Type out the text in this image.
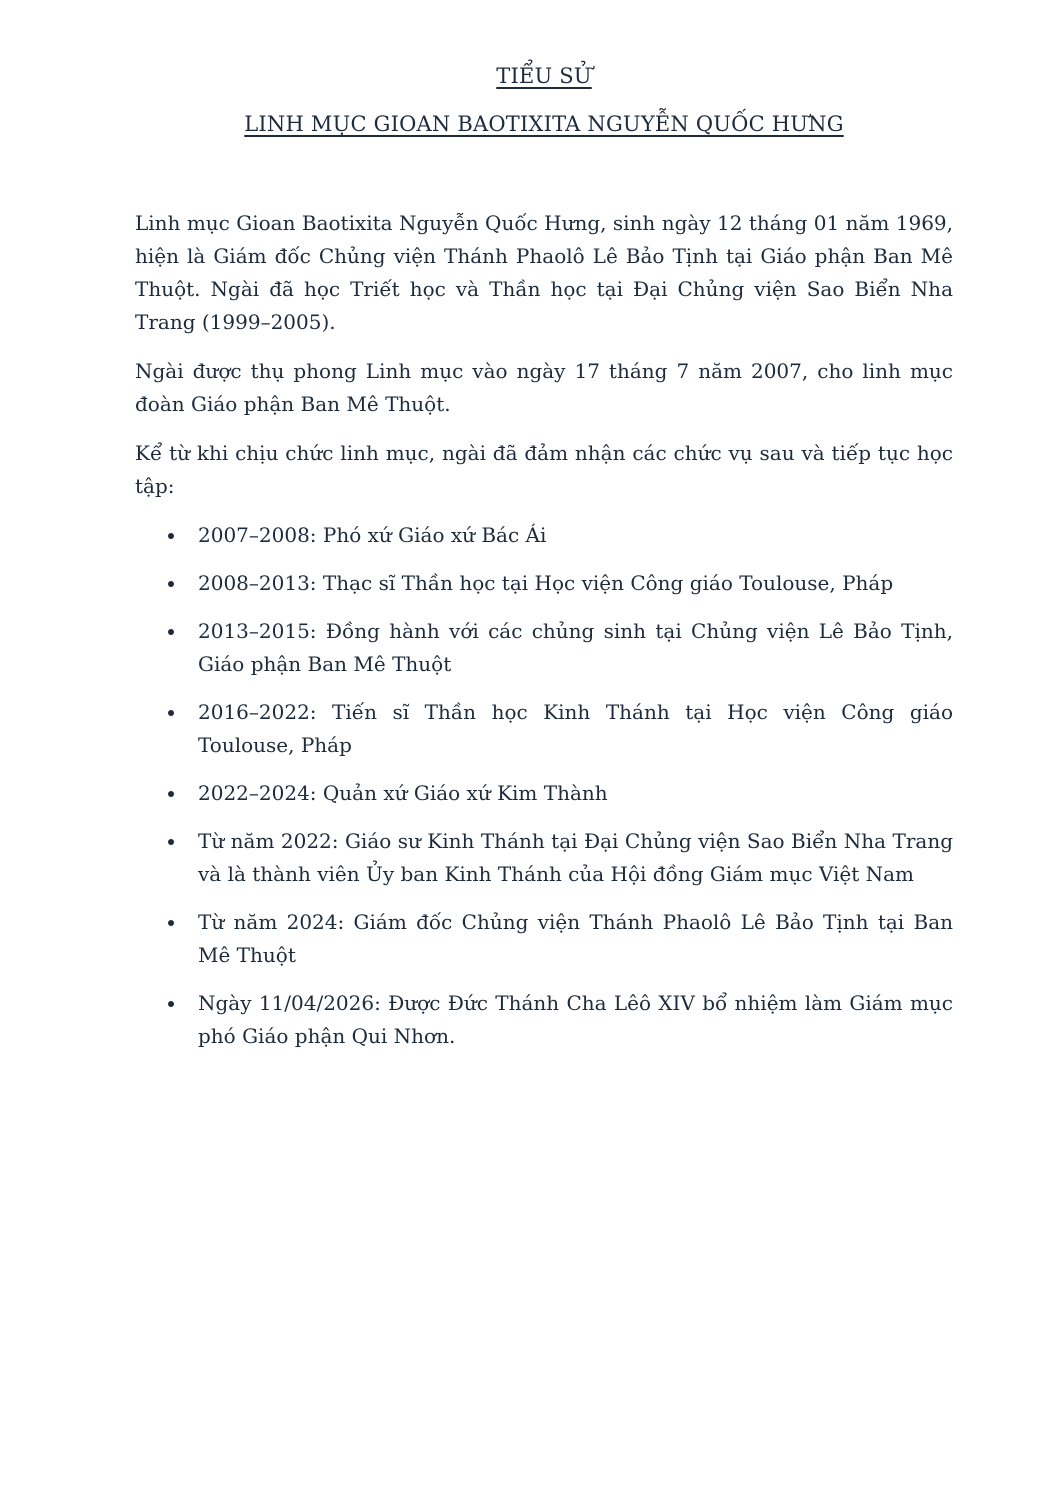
TIỂU SỬ
LINH MỤC GIOAN BAOTIXITA NGUYỄN QUỐC HƯNG

Linh mục Gioan Baotixita Nguyễn Quốc Hưng, sinh ngày 12 tháng 01 năm 1969, hiện là Giám đốc Chủng viện Thánh Phaolô Lê Bảo Tịnh tại Giáo phận Ban Mê Thuột. Ngài đã học Triết học và Thần học tại Đại Chủng viện Sao Biển Nha Trang (1999–2005).

Ngài được thụ phong Linh mục vào ngày 17 tháng 7 năm 2007, cho linh mục đoàn Giáo phận Ban Mê Thuột.

Kể từ khi chịu chức linh mục, ngài đã đảm nhận các chức vụ sau và tiếp tục học tập:

2007–2008: Phó xứ Giáo xứ Bác Ái
2008–2013: Thạc sĩ Thần học tại Học viện Công giáo Toulouse, Pháp
2013–2015: Đồng hành với các chủng sinh tại Chủng viện Lê Bảo Tịnh, Giáo phận Ban Mê Thuột
2016–2022: Tiến sĩ Thần học Kinh Thánh tại Học viện Công giáo Toulouse, Pháp
2022–2024: Quản xứ Giáo xứ Kim Thành
Từ năm 2022: Giáo sư Kinh Thánh tại Đại Chủng viện Sao Biển Nha Trang và là thành viên Ủy ban Kinh Thánh của Hội đồng Giám mục Việt Nam
Từ năm 2024: Giám đốc Chủng viện Thánh Phaolô Lê Bảo Tịnh tại Ban Mê Thuột
Ngày 11/04/2026: Được Đức Thánh Cha Lêô XIV bổ nhiệm làm Giám mục phó Giáo phận Qui Nhơn.
